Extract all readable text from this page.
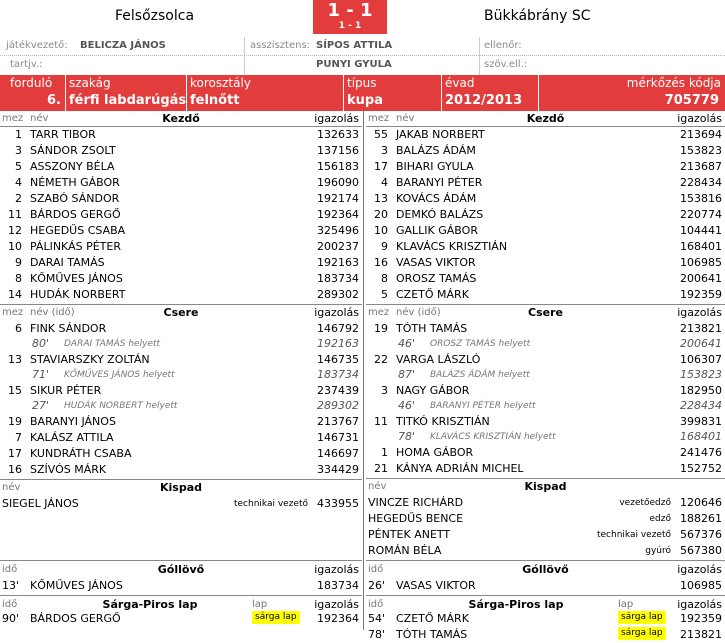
Felsőzsolca	1 - 1
1 - 1
Bükkábrány SC
játékvezető: BELICZA JÁNOS	asszisztens: SÍPOS ATTILA
PUNYI GYULA
ellenőr:
tartjv.:	szöv.ell.:
forduló
6.
szakág
férfi labdarúgás
korosztály
felnőtt
típus
kupa
évad
2012/2013
mérkőzés kódja
705779
mez név	Kezdő	igazolás
1 TARR TIBOR	132633
3 SÁNDOR ZSOLT	137156
5 ASSZONY BÉLA	156183
4 NÉMETH GÁBOR	196090
2 SZABÓ SÁNDOR	192174
11 BÁRDOS GERGŐ	192364
12 HEGEDŰS CSABA	325496
10 PÁLINKÁS PÉTER	200237
9 DARAI TAMÁS	192163
8 KŐMŰVES JÁNOS	183734
14 HUDÁK NORBERT	289302
mez név (idő)	Csere	igazolás
6 FINK SÁNDOR	146792
80' DARAI TAMÁS helyett	192163
13 STAVIARSZKY ZOLTÁN	146735
71' KŐMŰVES JÁNOS helyett	183734
15 SIKUR PÉTER	237439
27' HUDÁK NORBERT helyett	289302
19 BARANYI JÁNOS	213767
7 KALÁSZ ATTILA	146731
17 KUNDRÁTH CSABA	146697
16 SZÍVÓS MÁRK	334429
név	Kispad
SIEGEL JÁNOS	technikai vezető 433955
idő	Góllövő	igazolás
13' KŐMŰVES JÁNOS	183734
idő	Sárga-Piros lap	lap	igazolás
90' BÁRDOS GERGŐ	sárga lap 192364
mez név	Kezdő	igazolás
55 JAKAB NORBERT	213694
3 BALÁZS ÁDÁM	153823
17 BIHARI GYULA	213687
4 BARANYI PÉTER	228434
13 KOVÁCS ÁDÁM	153816
20 DEMKÓ BALÁZS	220774
10 GALLIK GÁBOR	104441
9 KLAVÁCS KRISZTIÁN	168401
16 VASAS VIKTOR	106985
8 OROSZ TAMÁS	200641
5 CZETŐ MÁRK	192359
mez név (idő)	Csere	igazolás
19 TÓTH TAMÁS	213821
46' OROSZ TAMÁS helyett	200641
22 VARGA LÁSZLÓ	106307
87' BALÁZS ÁDÁM helyett	153823
3 NAGY GÁBOR	182950
46' BARANYI PÉTER helyett	228434
11 TITKÓ KRISZTIÁN	399831
78' KLAVÁCS KRISZTIÁN helyett	168401
1 HOMA GÁBOR	241476
21 KÁNYA ADRIÁN MICHEL	152752
név	Kispad
VINCZE RICHÁRD	vezetőedző 120646
HEGEDŰS BENCE	edző 188261
PÉNTEK ANETT	technikai vezető 567376
ROMÁN BÉLA	gyúró 567380
idő	Góllövő	igazolás
26' VASAS VIKTOR	106985
idő	Sárga-Piros lap	lap	igazolás
54' CZETŐ MÁRK	sárga lap 192359
78' TÓTH TAMÁS	sárga lap 213821
